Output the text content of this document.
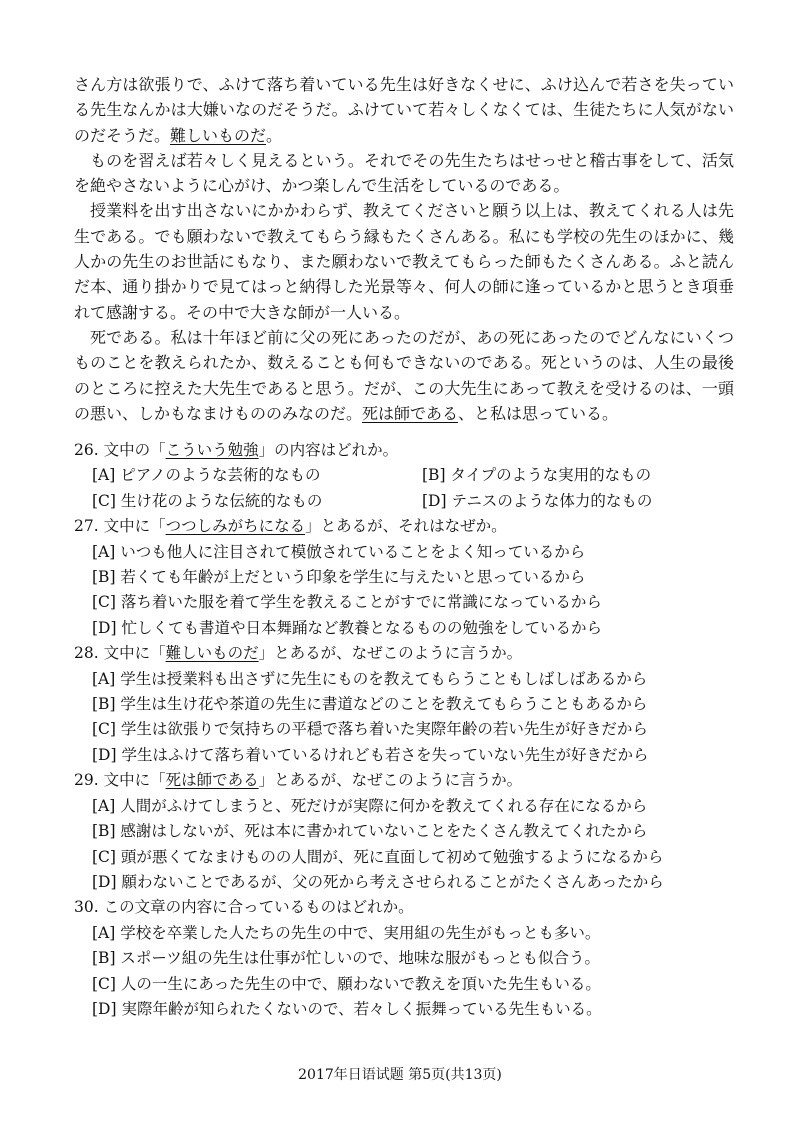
さん方は欲張りで、ふけて落ち着いている先生は好きなくせに、ふけ込んで若さを失っている先生なんかは大嫌いなのだそうだ。ふけていて若々しくなくては、生徒たちに人気がないのだそうだ。難しいものだ。

ものを習えば若々しく見えるという。それでその先生たちはせっせと稽古事をして、活気を絶やさないように心がけ、かつ楽しんで生活をしているのである。

授業料を出す出さないにかかわらず、教えてくださいと願う以上は、教えてくれる人は先生である。でも願わないで教えてもらう縁もたくさんある。私にも学校の先生のほかに、幾人かの先生のお世話にもなり、また願わないで教えてもらった師もたくさんある。ふと読んだ本、通り掛かりで見てはっと納得した光景等々、何人の師に逢っているかと思うとき項垂れて感謝する。その中で大きな師が一人いる。

死である。私は十年ほど前に父の死にあったのだが、あの死にあったのでどんなにいくつものことを教えられたか、数えることも何もできないのである。死というのは、人生の最後のところに控えた大先生であると思う。だが、この大先生にあって教えを受けるのは、一頭の悪い、しかもなまけもののみなのだ。死は師である、と私は思っている。

26. 文中の「こういう勉強」の内容はどれか。
[A] ピアノのような芸術的なもの	[B] タイプのような実用的なもの
[C] 生け花のような伝統的なもの	[D] テニスのような体力的なもの
27. 文中に「つつしみがちになる」とあるが、それはなぜか。
[A] いつも他人に注目されて模倣されていることをよく知っているから
[B] 若くても年齢が上だという印象を学生に与えたいと思っているから
[C] 落ち着いた服を着て学生を教えることがすでに常識になっているから
[D] 忙しくても書道や日本舞踊など教養となるものの勉強をしているから
28. 文中に「難しいものだ」とあるが、なぜこのように言うか。
[A] 学生は授業料も出さずに先生にものを教えてもらうこともしばしばあるから
[B] 学生は生け花や茶道の先生に書道などのことを教えてもらうこともあるから
[C] 学生は欲張りで気持ちの平穏で落ち着いた実際年齢の若い先生が好きだから
[D] 学生はふけて落ち着いているけれども若さを失っていない先生が好きだから
29. 文中に「死は師である」とあるが、なぜこのように言うか。
[A] 人間がふけてしまうと、死だけが実際に何かを教えてくれる存在になるから
[B] 感謝はしないが、死は本に書かれていないことをたくさん教えてくれたから
[C] 頭が悪くてなまけものの人間が、死に直面して初めて勉強するようになるから
[D] 願わないことであるが、父の死から考えさせられることがたくさんあったから
30. この文章の内容に合っているものはどれか。
[A] 学校を卒業した人たちの先生の中で、実用組の先生がもっとも多い。
[B] スポーツ組の先生は仕事が忙しいので、地味な服がもっとも似合う。
[C] 人の一生にあった先生の中で、願わないで教えを頂いた先生もいる。
[D] 実際年齢が知られたくないので、若々しく振舞っている先生もいる。
2017年日语试题 第5页(共13页)
